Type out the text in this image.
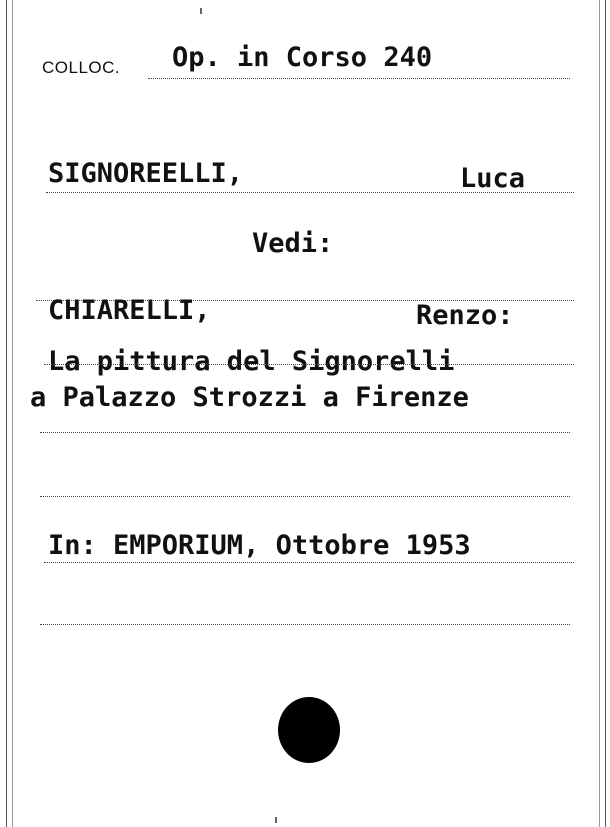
COLLOC. Op. in Corso 240
SIGNOREELLI,	Luca
Vedi:
CHIARELLI,	Renzo:
La pittura del Signorelli
a Palazzo Strozzi a Firenze
In: EMPORIUM, Ottobre 1953
